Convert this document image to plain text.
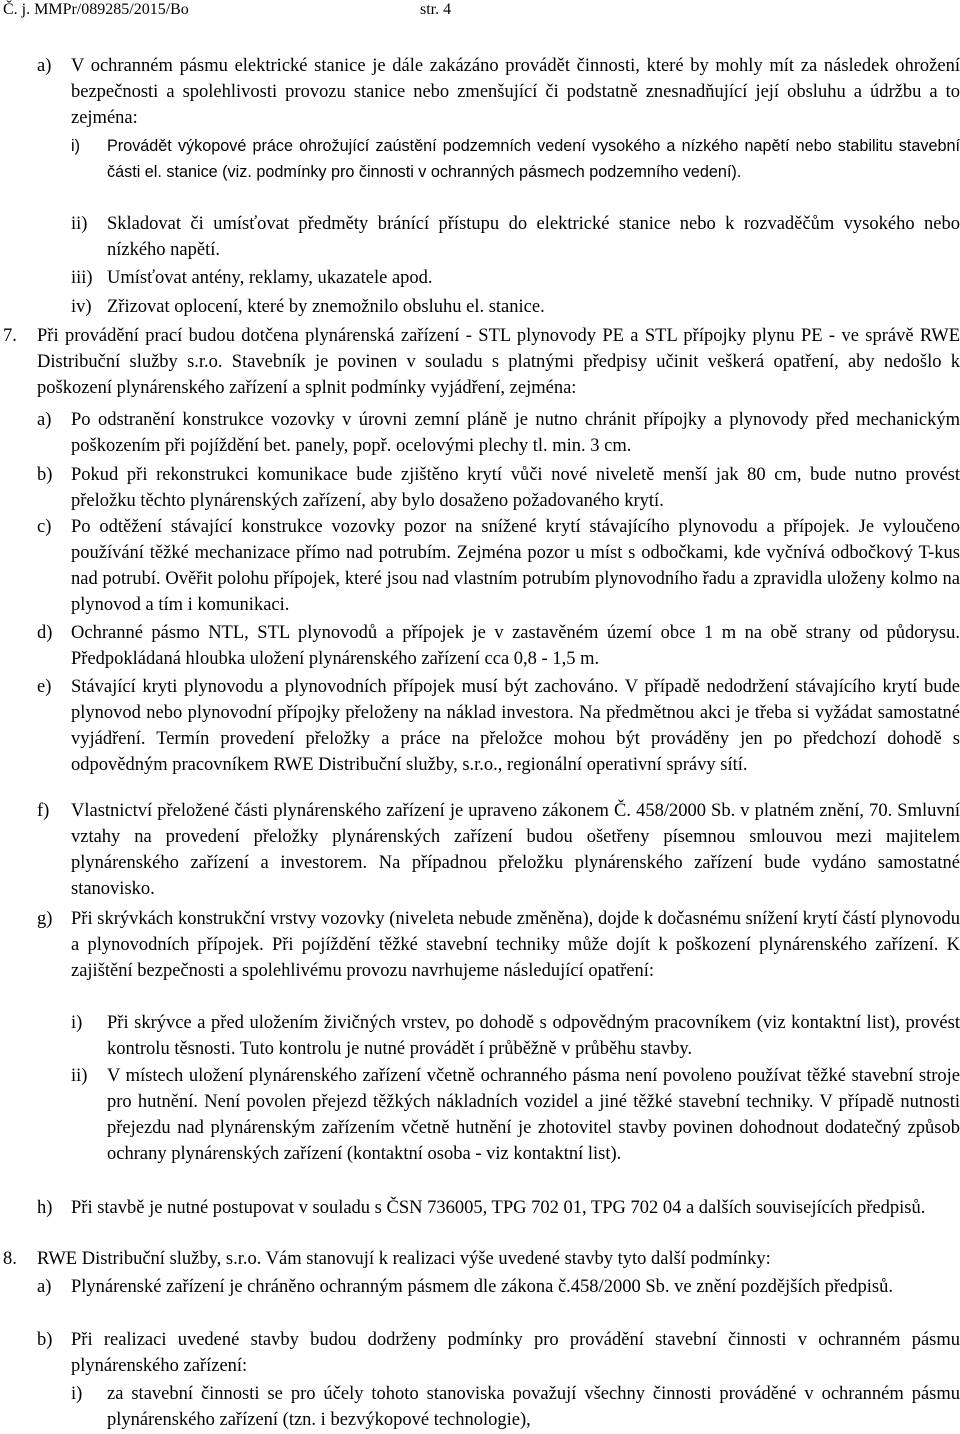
Č. j. MMPr/089285/2015/Bo	str. 4
a)	V ochranném pásmu elektrické stanice je dále zakázáno provádět činnosti, které by mohly mít za následek ohrožení bezpečnosti a spolehlivosti provozu stanice nebo zmenšující či podstatně znesnadňující její obsluhu a údržbu a to zejména:
i)	Provádět výkopové práce ohrožující zaústění podzemních vedení vysokého a nízkého napětí nebo stabilitu stavební části el. stanice (viz. podmínky pro činnosti v ochranných pásmech podzemního vedení).
ii)	Skladovat či umísťovat předměty bránící přístupu do elektrické stanice nebo k rozvaděčům vysokého nebo nízkého napětí.
iii) Umísťovat antény, reklamy, ukazatele apod.
iv) Zřizovat oplocení, které by znemožnilo obsluhu el. stanice.
7.	Při provádění prací budou dotčena plynárenská zařízení - STL plynovody PE a STL přípojky plynu PE - ve správě RWE Distribuční služby s.r.o. Stavebník je povinen v souladu s platnými předpisy učinit veškerá opatření, aby nedošlo k poškození plynárenského zařízení a splnit podmínky vyjádření, zejména:
a)	Po odstranění konstrukce vozovky v úrovni zemní pláně je nutno chránit přípojky a plynovody před mechanickým poškozením při pojíždění bet. panely, popř. ocelovými plechy tl. min. 3 cm.
b)	Pokud při rekonstrukci komunikace bude zjištěno krytí vůči nové niveletě menší jak 80 cm, bude nutno provést přeložku těchto plynárenských zařízení, aby bylo dosaženo požadovaného krytí.
c)	Po odtěžení stávající konstrukce vozovky pozor na snížené krytí stávajícího plynovodu a přípojek. Je vyloučeno používání těžké mechanizace přímo nad potrubím. Zejména pozor u míst s odbočkami, kde vyčnívá odbočkový T-kus nad potrubí. Ověřit polohu přípojek, které jsou nad vlastním potrubím plynovodního řadu a zpravidla uloženy kolmo na plynovod a tím i komunikaci.
d)	Ochranné pásmo NTL, STL plynovodů a přípojek je v zastavěném území obce 1 m na obě strany od půdorysu. Předpokládaná hloubka uložení plynárenského zařízení cca 0,8 - 1,5 m.
e)	Stávající kryti plynovodu a plynovodních přípojek musí být zachováno. V případě nedodržení stávajícího krytí bude plynovod nebo plynovodní přípojky přeloženy na náklad investora. Na předmětnou akci je třeba si vyžádat samostatné vyjádření. Termín provedení přeložky a práce na přeložce mohou být prováděny jen po předchozí dohodě s odpovědným pracovníkem RWE Distribuční služby, s.r.o., regionální operativní správy sítí.
f)	Vlastnictví přeložené části plynárenského zařízení je upraveno zákonem Č. 458/2000 Sb. v platném znění, 70. Smluvní vztahy na provedení přeložky plynárenských zařízení budou ošetřeny písemnou smlouvou mezi majitelem plynárenského zařízení a investorem. Na případnou přeložku plynárenského zařízení bude vydáno samostatné stanovisko.
g)	Při skrývkách konstrukční vrstvy vozovky (niveleta nebude změněna), dojde k dočasnému snížení krytí částí plynovodu a plynovodních přípojek. Při pojíždění těžké stavební techniky může dojít k poškození plynárenského zařízení. K zajištění bezpečnosti a spolehlivému provozu navrhujeme následující opatření:
i)	Při skrývce a před uložením živičných vrstev, po dohodě s odpovědným pracovníkem (viz kontaktní list), provést kontrolu těsnosti. Tuto kontrolu je nutné provádět í průběžně v průběhu stavby.
ii)	V místech uložení plynárenského zařízení včetně ochranného pásma není povoleno používat těžké stavební stroje pro hutnění. Není povolen přejezd těžkých nákladních vozidel a jiné těžké stavební techniky. V případě nutnosti přejezdu nad plynárenským zařízením včetně hutnění je zhotovitel stavby povinen dohodnout dodatečný způsob ochrany plynárenských zařízení (kontaktní osoba - viz kontaktní list).
h)	Při stavbě je nutné postupovat v souladu s ČSN 736005, TPG 702 01, TPG 702 04 a dalších souvisejících předpisů.
8.	RWE Distribuční služby, s.r.o. Vám stanovují k realizaci výše uvedené stavby tyto další podmínky:
a)	Plynárenské zařízení je chráněno ochranným pásmem dle zákona č.458/2000 Sb. ve znění pozdějších předpisů.
b)	Při realizaci uvedené stavby budou dodrženy podmínky pro provádění stavební činnosti v ochranném pásmu plynárenského zařízení:
i)	za stavební činnosti se pro účely tohoto stanoviska považují všechny činnosti prováděné v ochranném pásmu plynárenského zařízení (tzn. i bezvýkopové technologie),
